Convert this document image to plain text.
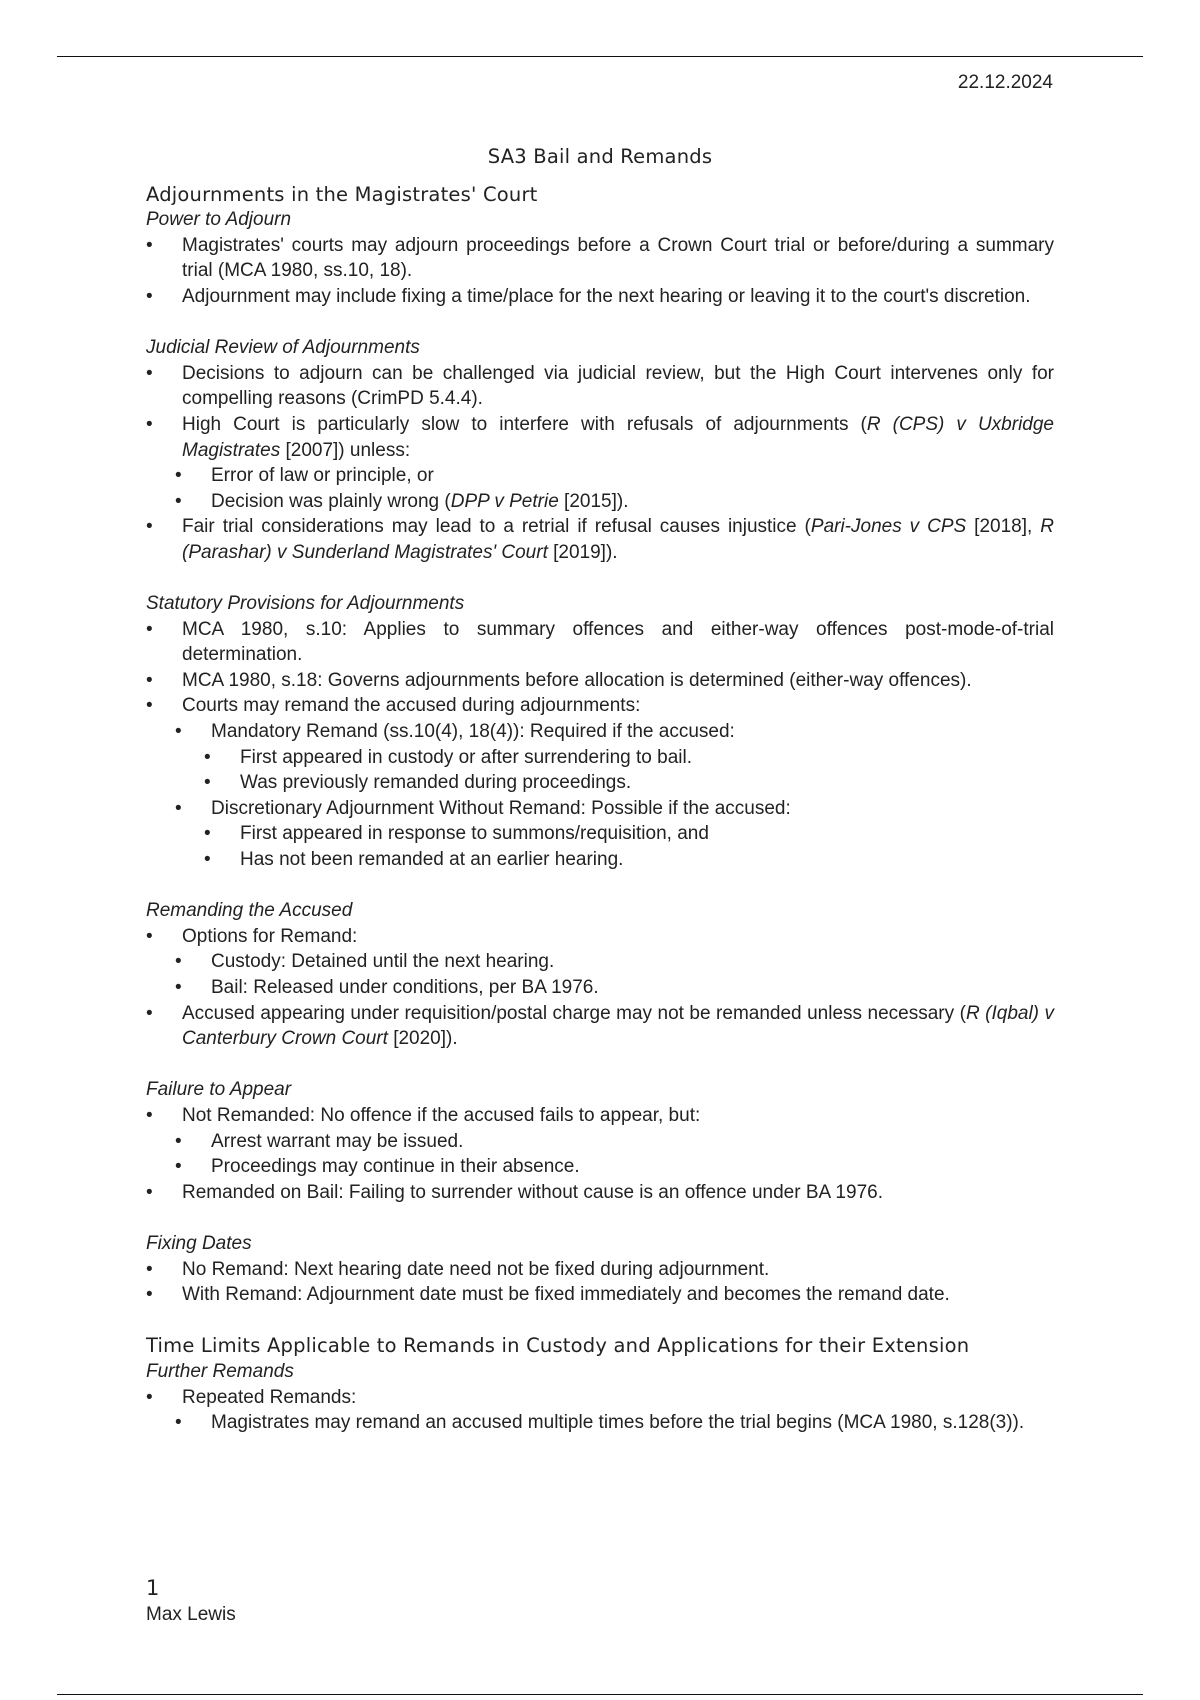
22.12.2024
SA3 Bail and Remands
Adjournments in the Magistrates' Court
Power to Adjourn
• Magistrates' courts may adjourn proceedings before a Crown Court trial or before/during a summary trial (MCA 1980, ss.10, 18).
• Adjournment may include fixing a time/place for the next hearing or leaving it to the court's discretion.
Judicial Review of Adjournments
• Decisions to adjourn can be challenged via judicial review, but the High Court intervenes only for compelling reasons (CrimPD 5.4.4).
• High Court is particularly slow to interfere with refusals of adjournments (R (CPS) v Uxbridge Magistrates [2007]) unless:
• Error of law or principle, or
• Decision was plainly wrong (DPP v Petrie [2015]).
• Fair trial considerations may lead to a retrial if refusal causes injustice (Pari-Jones v CPS [2018], R (Parashar) v Sunderland Magistrates' Court [2019]).
Statutory Provisions for Adjournments
• MCA 1980, s.10: Applies to summary offences and either-way offences post-mode-of-trial determination.
• MCA 1980, s.18: Governs adjournments before allocation is determined (either-way offences).
• Courts may remand the accused during adjournments:
• Mandatory Remand (ss.10(4), 18(4)): Required if the accused:
• First appeared in custody or after surrendering to bail.
• Was previously remanded during proceedings.
• Discretionary Adjournment Without Remand: Possible if the accused:
• First appeared in response to summons/requisition, and
• Has not been remanded at an earlier hearing.
Remanding the Accused
• Options for Remand:
• Custody: Detained until the next hearing.
• Bail: Released under conditions, per BA 1976.
• Accused appearing under requisition/postal charge may not be remanded unless necessary (R (Iqbal) v Canterbury Crown Court [2020]).
Failure to Appear
• Not Remanded: No offence if the accused fails to appear, but:
• Arrest warrant may be issued.
• Proceedings may continue in their absence.
• Remanded on Bail: Failing to surrender without cause is an offence under BA 1976.
Fixing Dates
• No Remand: Next hearing date need not be fixed during adjournment.
• With Remand: Adjournment date must be fixed immediately and becomes the remand date.
Time Limits Applicable to Remands in Custody and Applications for their Extension
Further Remands
• Repeated Remands:
• Magistrates may remand an accused multiple times before the trial begins (MCA 1980, s.128(3)).
1
Max Lewis
